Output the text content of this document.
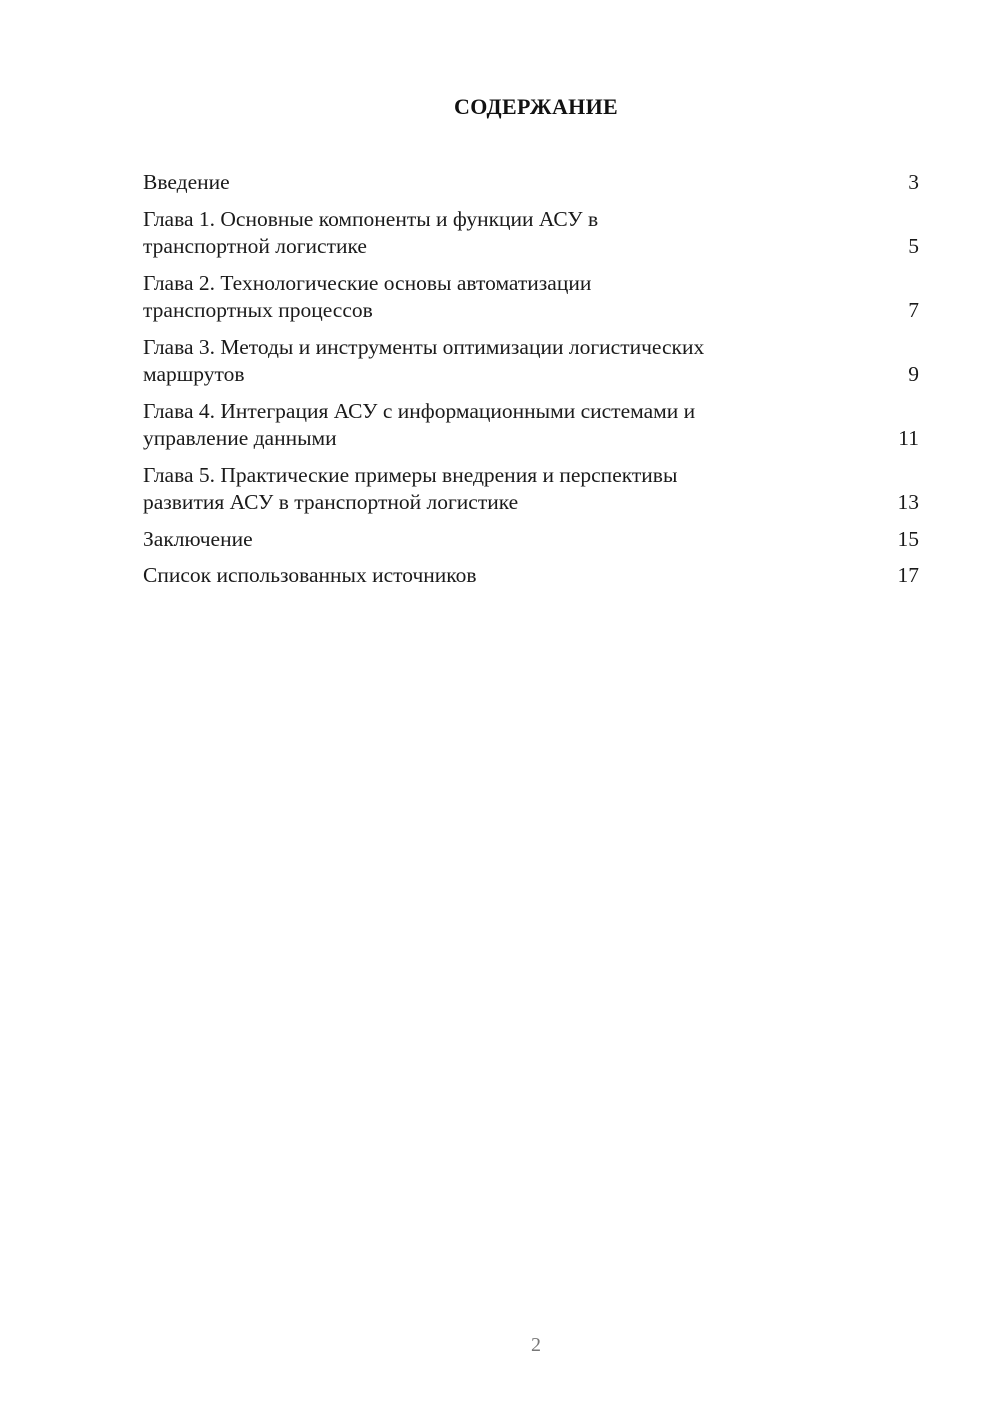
СОДЕРЖАНИЕ
Введение	3
Глава 1. Основные компоненты и функции АСУ в
транспортной логистике	5
Глава 2. Технологические основы автоматизации
транспортных процессов	7
Глава 3. Методы и инструменты оптимизации логистических
маршрутов	9
Глава 4. Интеграция АСУ с информационными системами и
управление данными	11
Глава 5. Практические примеры внедрения и перспективы
развития АСУ в транспортной логистике	13
Заключение	15
Список использованных источников	17
2
